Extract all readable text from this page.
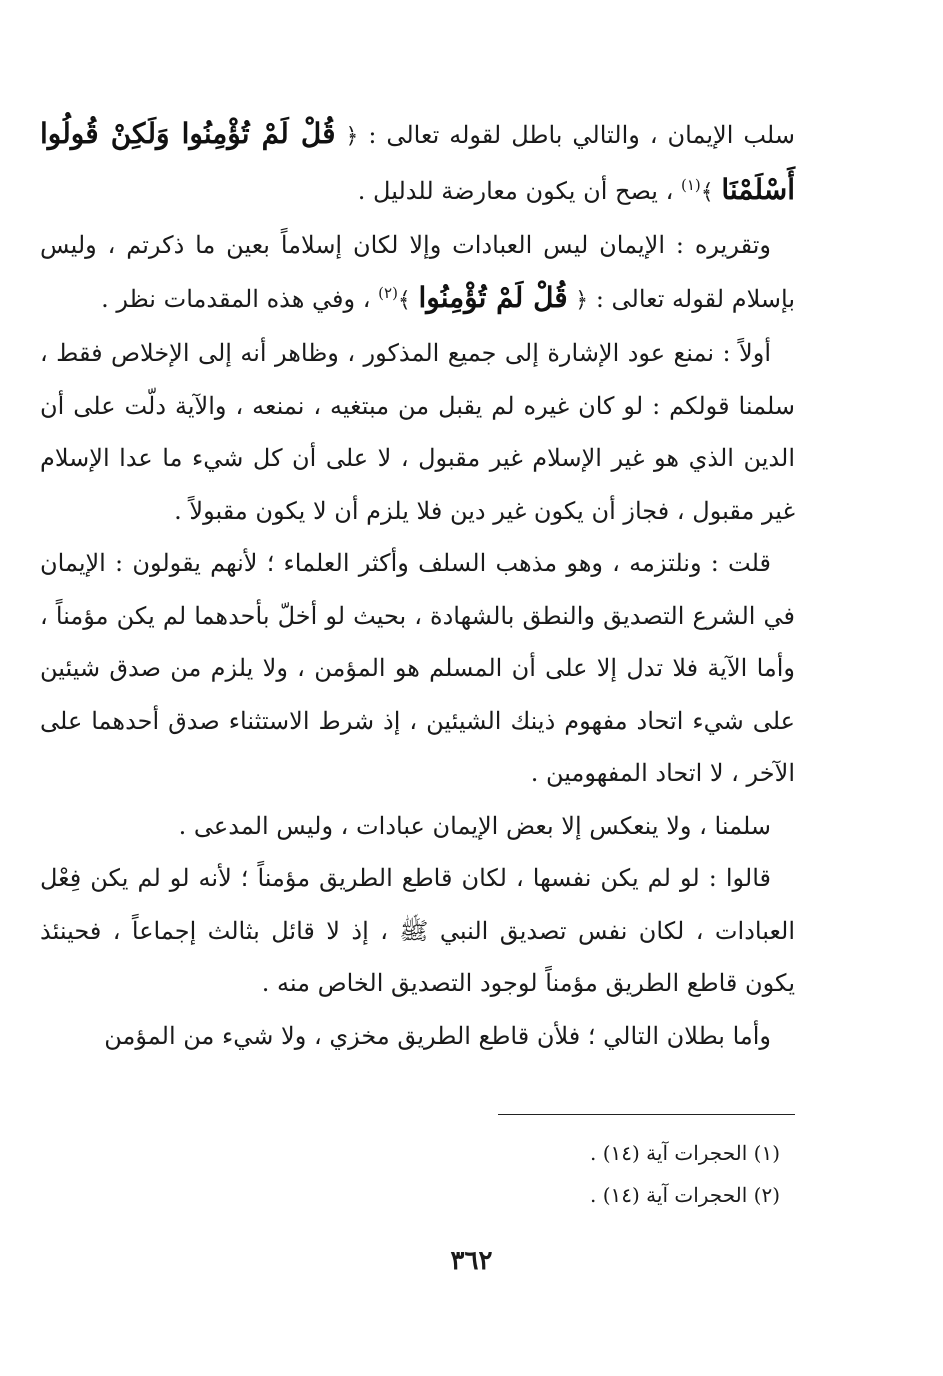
سلب الإيمان ، والتالي باطل لقوله تعالى : ﴿ قُلْ لَمْ تُؤْمِنُوا وَلَكِنْ قُولُوا أَسْلَمْنَا ﴾$^{(١)}$ ، يصح أن يكون معارضة للدليل .

وتقريره : الإيمان ليس العبادات وإلا لكان إسلاماً بعين ما ذكرتم ، وليس بإسلام لقوله تعالى : ﴿ قُلْ لَمْ تُؤْمِنُوا ﴾$^{(٢)}$ ، وفي هذه المقدمات نظر .

أولاً : نمنع عود الإشارة إلى جميع المذكور ، وظاهر أنه إلى الإخلاص فقط ، سلمنا قولكم : لو كان غيره لم يقبل من مبتغيه ، نمنعه ، والآية دلّت على أن الدين الذي هو غير الإسلام غير مقبول ، لا على أن كل شيء ما عدا الإسلام غير مقبول ، فجاز أن يكون غير دين فلا يلزم أن لا يكون مقبولاً .

قلت : ونلتزمه ، وهو مذهب السلف وأكثر العلماء ؛ لأنهم يقولون : الإيمان في الشرع التصديق والنطق بالشهادة ، بحيث لو أخلّ بأحدهما لم يكن مؤمناً ، وأما الآية فلا تدل إلا على أن المسلم هو المؤمن ، ولا يلزم من صدق شيئين على شيء اتحاد مفهوم ذينك الشيئين ، إذ شرط الاستثناء صدق أحدهما على الآخر ، لا اتحاد المفهومين .

سلمنا ، ولا ينعكس إلا بعض الإيمان عبادات ، وليس المدعى .

قالوا : لو لم يكن نفسها ، لكان قاطع الطريق مؤمناً ؛ لأنه لو لم يكن فِعْل العبادات ، لكان نفس تصديق النبي ﷺ ، إذ لا قائل بثالث إجماعاً ، فحينئذ يكون قاطع الطريق مؤمناً لوجود التصديق الخاص منه .

وأما بطلان التالي ؛ فلأن قاطع الطريق مخزي ، ولا شيء من المؤمن

(١) الحجرات آية (١٤) .

(٢) الحجرات آية (١٤) .

٣٦٢
